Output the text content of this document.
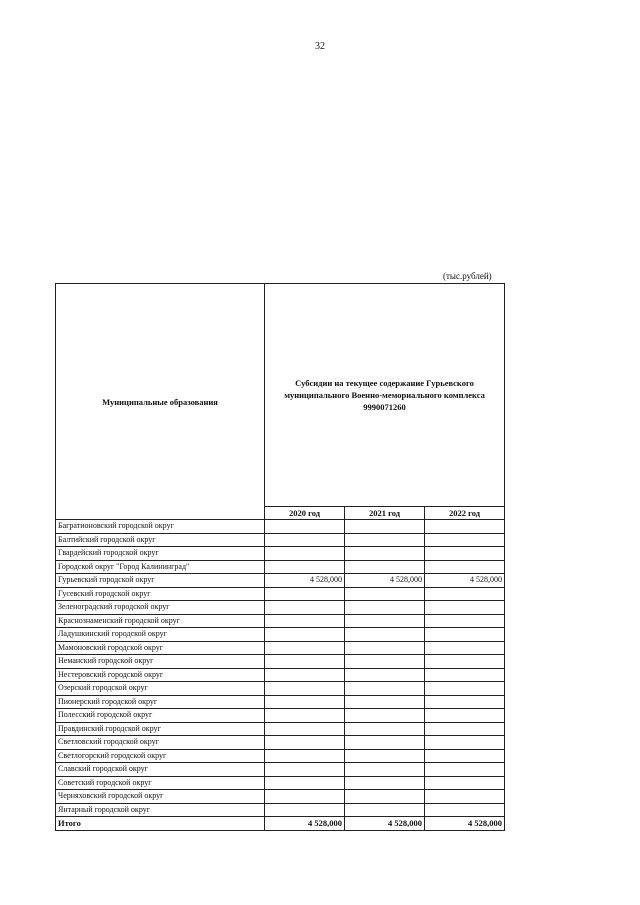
32
(тыс.рублей)
Муниципальные образования	Субсидии на текущее содержание Гурьевского муниципального Военно-мемориального комплекса 9990071260		
	2020 год	2021 год	2022 год
Багратионовский городской округ			
Балтийский городской округ			
Гвардейский городской округ			
Городской округ "Город Калининград"			
Гурьевский городской округ	4 528,000	4 528,000	4 528,000
Гусевский городской округ			
Зеленоградский городской округ			
Краснознаменский городской округ			
Ладушкинский городской округ			
Мамоновский городской округ			
Неманский городской округ			
Нестеровский городской округ			
Озерский городской округ			
Пионерский городской округ			
Полесский городской округ			
Правдинский городской округ			
Светловский городской округ			
Светлогорский городской округ			
Славский городской округ			
Советский городской округ			
Черняховский городской округ			
Янтарный городской округ			
Итого	4 528,000	4 528,000	4 528,000
